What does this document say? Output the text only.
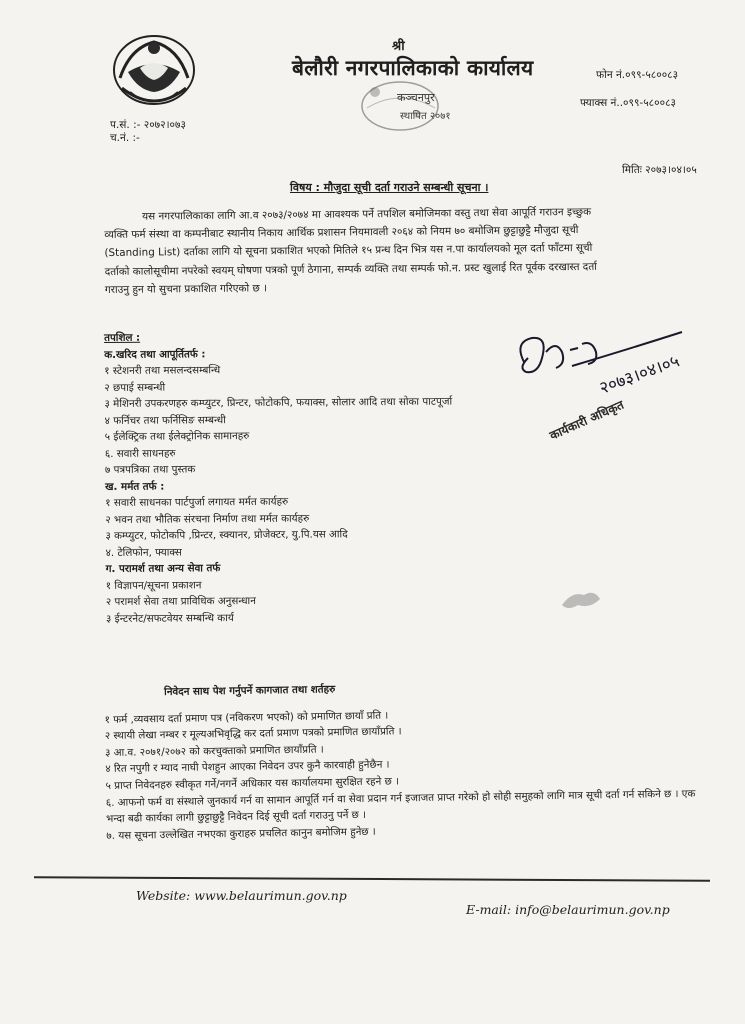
श्री
बेलौरी नगरपालिकाको कार्यालय
कञ्चनपुर
स्थापित २०७१
फोन नं.०९९-५८००८३
फ्याक्स नं..०९९-५८००८३
प.सं. :- २०७२।०७३
च.नं. :-
मितिः २०७३।०४।०५
विषय : मौजुदा सूची दर्ता गराउने सम्बन्धी सूचना ।
यस नगरपालिकाका लागि आ.व २०७३/२०७४ मा आवश्यक पर्ने तपशिल बमोजिमका वस्तु तथा सेवा आपूर्ति गराउन इच्छुक
व्यक्ति फर्म संस्था वा कम्पनीबाट स्थानीय निकाय आर्थिक प्रशासन नियमावली २०६४ को नियम ७० बमोजिम छुट्टाछुट्टै मौजुदा सूची
(Standing List) दर्ताका लागि यो सूचना प्रकाशित भएको मितिले १५ प्रन्ध दिन भित्र यस न.पा कार्यालयको मूल दर्ता फाँटमा सूची
दर्ताको कालोसूचीमा नपरेको स्वयम् घोषणा पत्रको पूर्ण ठेगाना, सम्पर्क व्यक्ति तथा सम्पर्क फो.न. प्रस्ट खुलाई रित पूर्वक दरखास्त दर्ता
गराउनु हुन यो सुचना प्रकाशित गरिएको छ ।
तपशिल :
क.खरिद तथा आपूर्तितर्फ :
१ स्टेशनरी तथा मसलन्दसम्बन्धि
२ छपाई सम्बन्धी
३ मेशिनरी उपकरणहरु कम्प्युटर, प्रिन्टर, फोटोकपि, फयाक्स, सोलार आदि तथा सोका पाटपूर्जा
४ फर्निचर तथा फर्निसिङ सम्बन्धी
५ ईलेक्ट्रिक तथा ईलेक्ट्रोनिक सामानहरु
६. सवारी साधनहरु
७ पत्रपत्रिका तथा पुस्तक
ख. मर्मत तर्फ :
१ सवारी साधनका पार्टपुर्जा लगायत मर्मत कार्यहरु
२ भवन तथा भौतिक संरचना निर्माण तथा मर्मत कार्यहरु
३ कम्प्युटर, फोटोकपि ,प्रिन्टर, स्क्यानर, प्रोजेक्टर, यु.पि.यस आदि
४. टेलिफोन, फ्याक्स
ग. परामर्श तथा अन्य सेवा तर्फ
१ विज्ञापन/सूचना प्रकाशन
२ परामर्श सेवा तथा प्राविधिक अनुसन्धान
३ ईन्टरनेट/सफटवेयर सम्बन्धि कार्य
निवेदन साथ पेश गर्नुपर्ने कागजात तथा शर्तहरु
१ फर्म ,व्यवसाय दर्ता प्रमाण पत्र (नविकरण भएको) को प्रमाणित छायाँ प्रति ।
२ स्थायी लेखा नम्बर र मूल्यअभिवृद्धि कर दर्ता प्रमाण पत्रको प्रमाणित छायाँप्रति ।
३ आ.व. २०७१/२०७२ को करचुक्ताको प्रमाणित छायाँप्रति ।
४ रित नपुगी र म्याद नाघी पेशहुन आएका निवेदन उपर कुनै कारवाही हुनेछैन ।
५ प्राप्त निवेदनहरु स्वीकृत गर्ने/नगर्ने अधिकार यस कार्यालयमा सुरक्षित रहने छ ।
६. आफनो फर्म वा संस्थाले जुनकार्य गर्न वा सामान आपूर्ति गर्न वा सेवा प्रदान गर्न इजाजत प्राप्त गरेको हो सोही समुहको लागि मात्र सूची दर्ता गर्न सकिने छ । एक भन्दा बढी कार्यका लागी छुट्टाछुट्टै निवेदन दिई सूची दर्ता गराउनु पर्ने छ ।
७. यस सूचना उल्लेखित नभएका कुराहरु प्रचलित कानुन बमोजिम हुनेछ ।
२०७३।०४।०५
कार्यकारी अधिकृत
Website: www.belaurimun.gov.np
E-mail: info@belaurimun.gov.np
